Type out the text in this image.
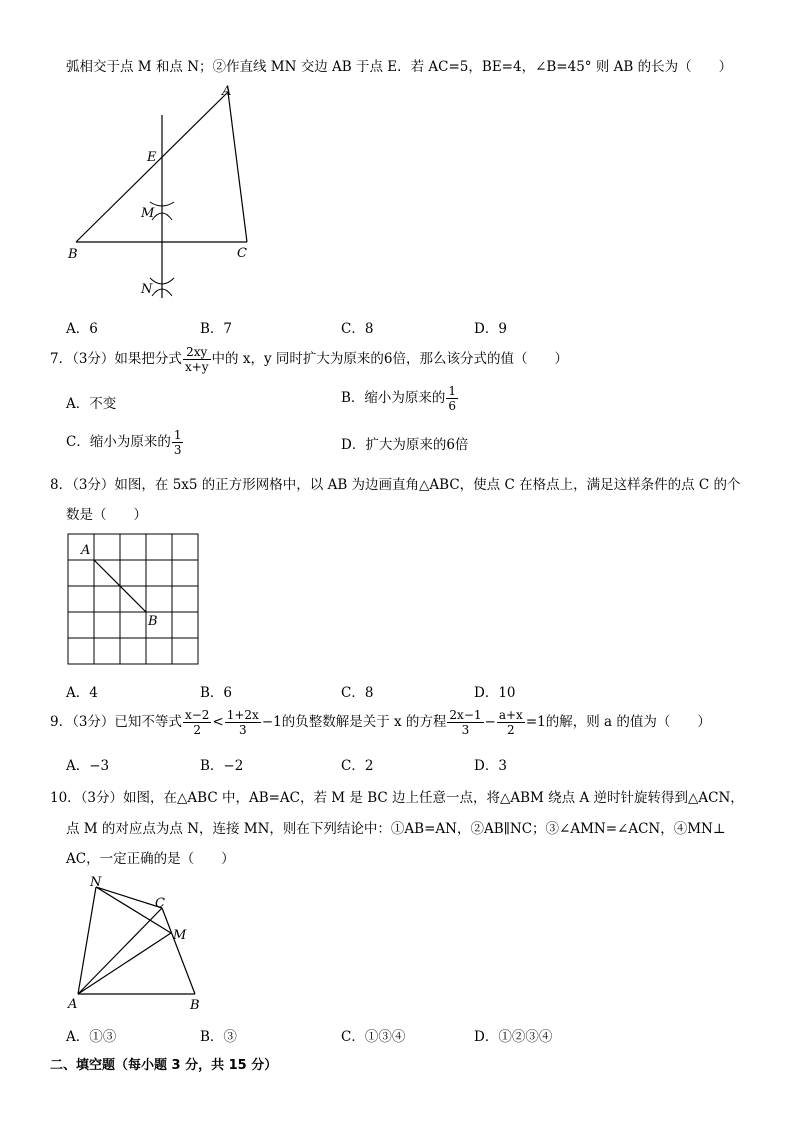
弧相交于点 M 和点 N；②作直线 MN 交边 AB 于点 E．若 AC=5，BE=4，∠B=45° 则 AB 的长为（　　）
A
E
M
B	C
N
A．6	B．7	C．8	D．9
7．（3分）如果把分式 $\frac{2xy}{x+y}$ 中的 x，y 同时扩大为原来的6倍，那么该分式的值（　　）
A．不变	B．缩小为原来的 $\frac{1}{6}$
C．缩小为原来的 $\frac{1}{3}$	D．扩大为原来的6倍
8．（3分）如图，在 5x5 的正方形网格中，以 AB 为边画直角△ABC，使点 C 在格点上，满足这样条件的点 C 的个
数是（　　）
A
B
A．4	B．6	C．8	D．10
9．（3分）已知不等式 $\frac{x-2}{2} < \frac{1+2x}{3} -1$的负整数解是关于 x 的方程 $\frac{2x-1}{3} - \frac{a+x}{2} =1$的解，则 a 的值为（　　）
A．−3	B．−2	C．2	D．3
10．（3分）如图，在△ABC 中，AB=AC，若 M 是 BC 边上任意一点，将△ABM 绕点 A 逆时针旋转得到△ACN，
点 M 的对应点为点 N，连接 MN，则在下列结论中：①AB=AN，②AB∥NC；③∠AMN=∠ACN，④MN⊥
AC，一定正确的是（　　）
N
C
M
A	B
A．①③	B．③	C．①③④	D．①②③④
二、填空题（每小题 3 分，共 15 分）
